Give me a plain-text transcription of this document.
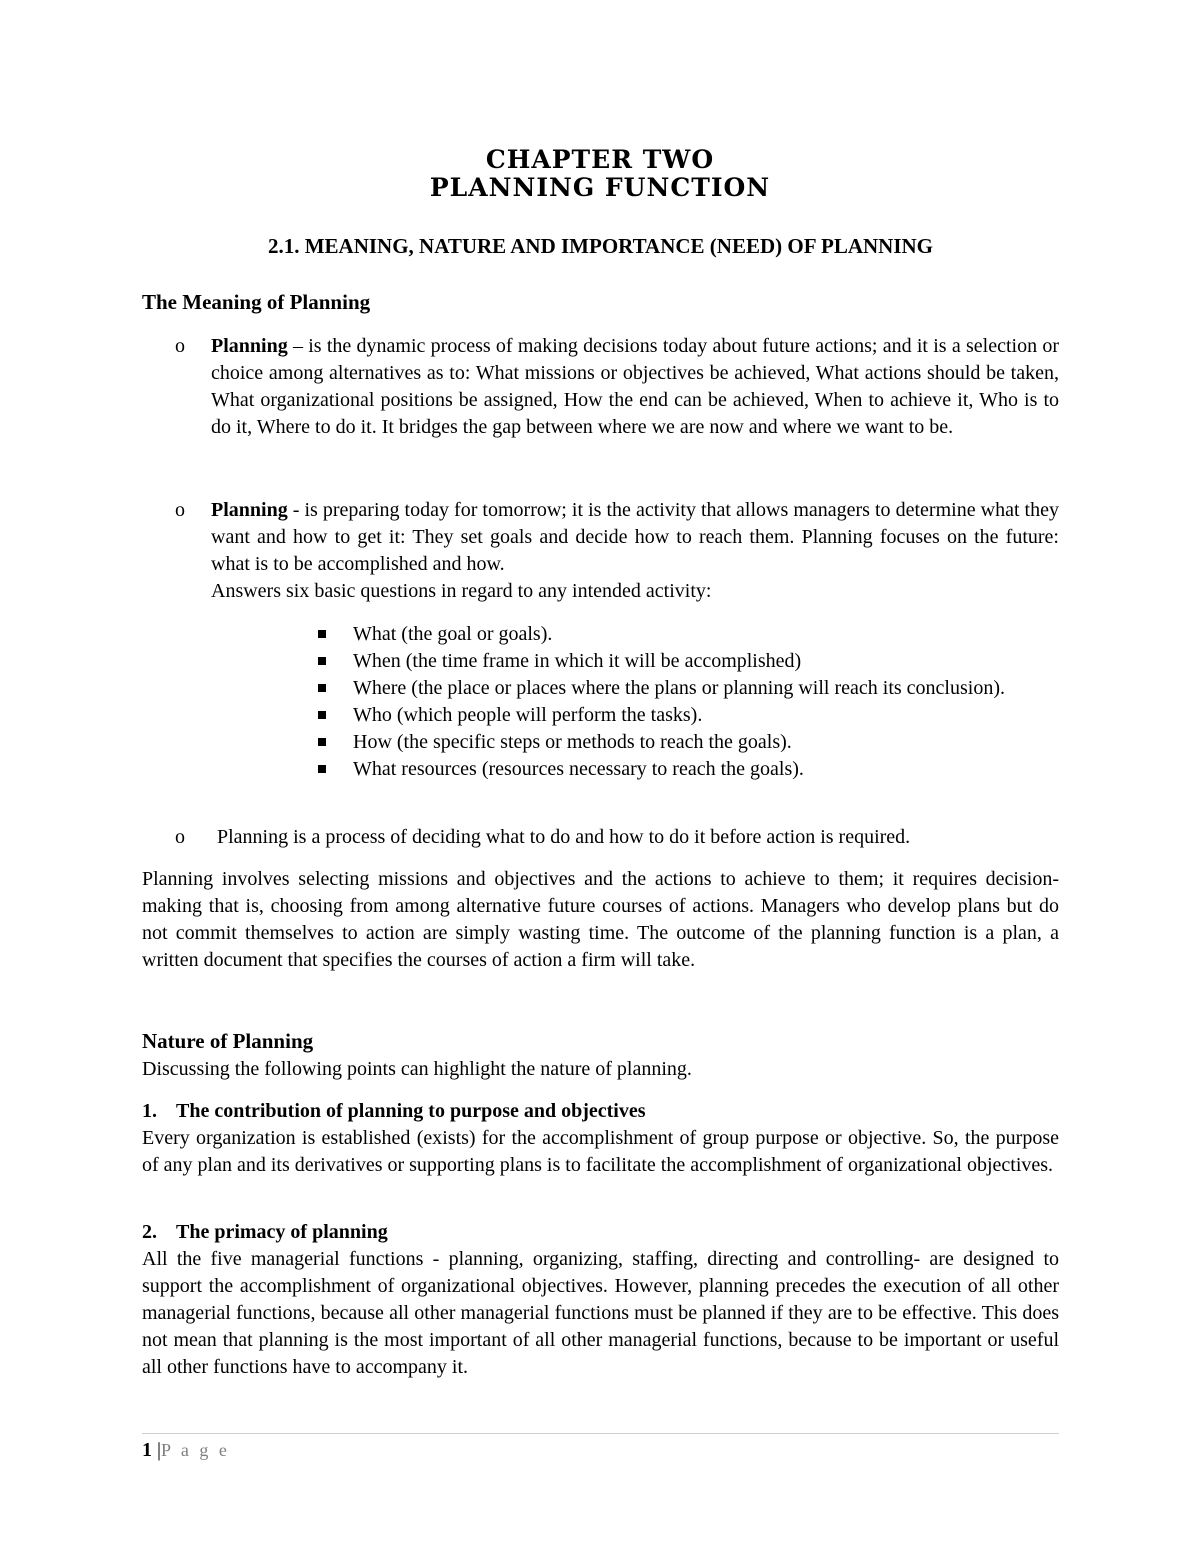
CHAPTER TWO
PLANNING FUNCTION

2.1. MEANING, NATURE AND IMPORTANCE (NEED) OF PLANNING

The Meaning of Planning

o Planning – is the dynamic process of making decisions today about future actions; and it is a selection or choice among alternatives as to: What missions or objectives be achieved, What actions should be taken, What organizational positions be assigned, How the end can be achieved, When to achieve it, Who is to do it, Where to do it. It bridges the gap between where we are now and where we want to be.
o Planning - is preparing today for tomorrow; it is the activity that allows managers to determine what they want and how to get it: They set goals and decide how to reach them. Planning focuses on the future: what is to be accomplished and how.
Answers six basic questions in regard to any intended activity:
What (the goal or goals).
When (the time frame in which it will be accomplished)
Where (the place or places where the plans or planning will reach its conclusion).
Who (which people will perform the tasks).
How (the specific steps or methods to reach the goals).
What resources (resources necessary to reach the goals).
o Planning is a process of deciding what to do and how to do it before action is required.

Planning involves selecting missions and objectives and the actions to achieve to them; it requires decision-making that is, choosing from among alternative future courses of actions. Managers who develop plans but do not commit themselves to action are simply wasting time. The outcome of the planning function is a plan, a written document that specifies the courses of action a firm will take.

Nature of Planning

Discussing the following points can highlight the nature of planning.

1. The contribution of planning to purpose and objectives
Every organization is established (exists) for the accomplishment of group purpose or objective. So, the purpose of any plan and its derivatives or supporting plans is to facilitate the accomplishment of organizational objectives.
2. The primacy of planning
All the five managerial functions - planning, organizing, staffing, directing and controlling- are designed to support the accomplishment of organizational objectives. However, planning precedes the execution of all other managerial functions, because all other managerial functions must be planned if they are to be effective. This does not mean that planning is the most important of all other managerial functions, because to be important or useful all other functions have to accompany it.
1 |P a g e
